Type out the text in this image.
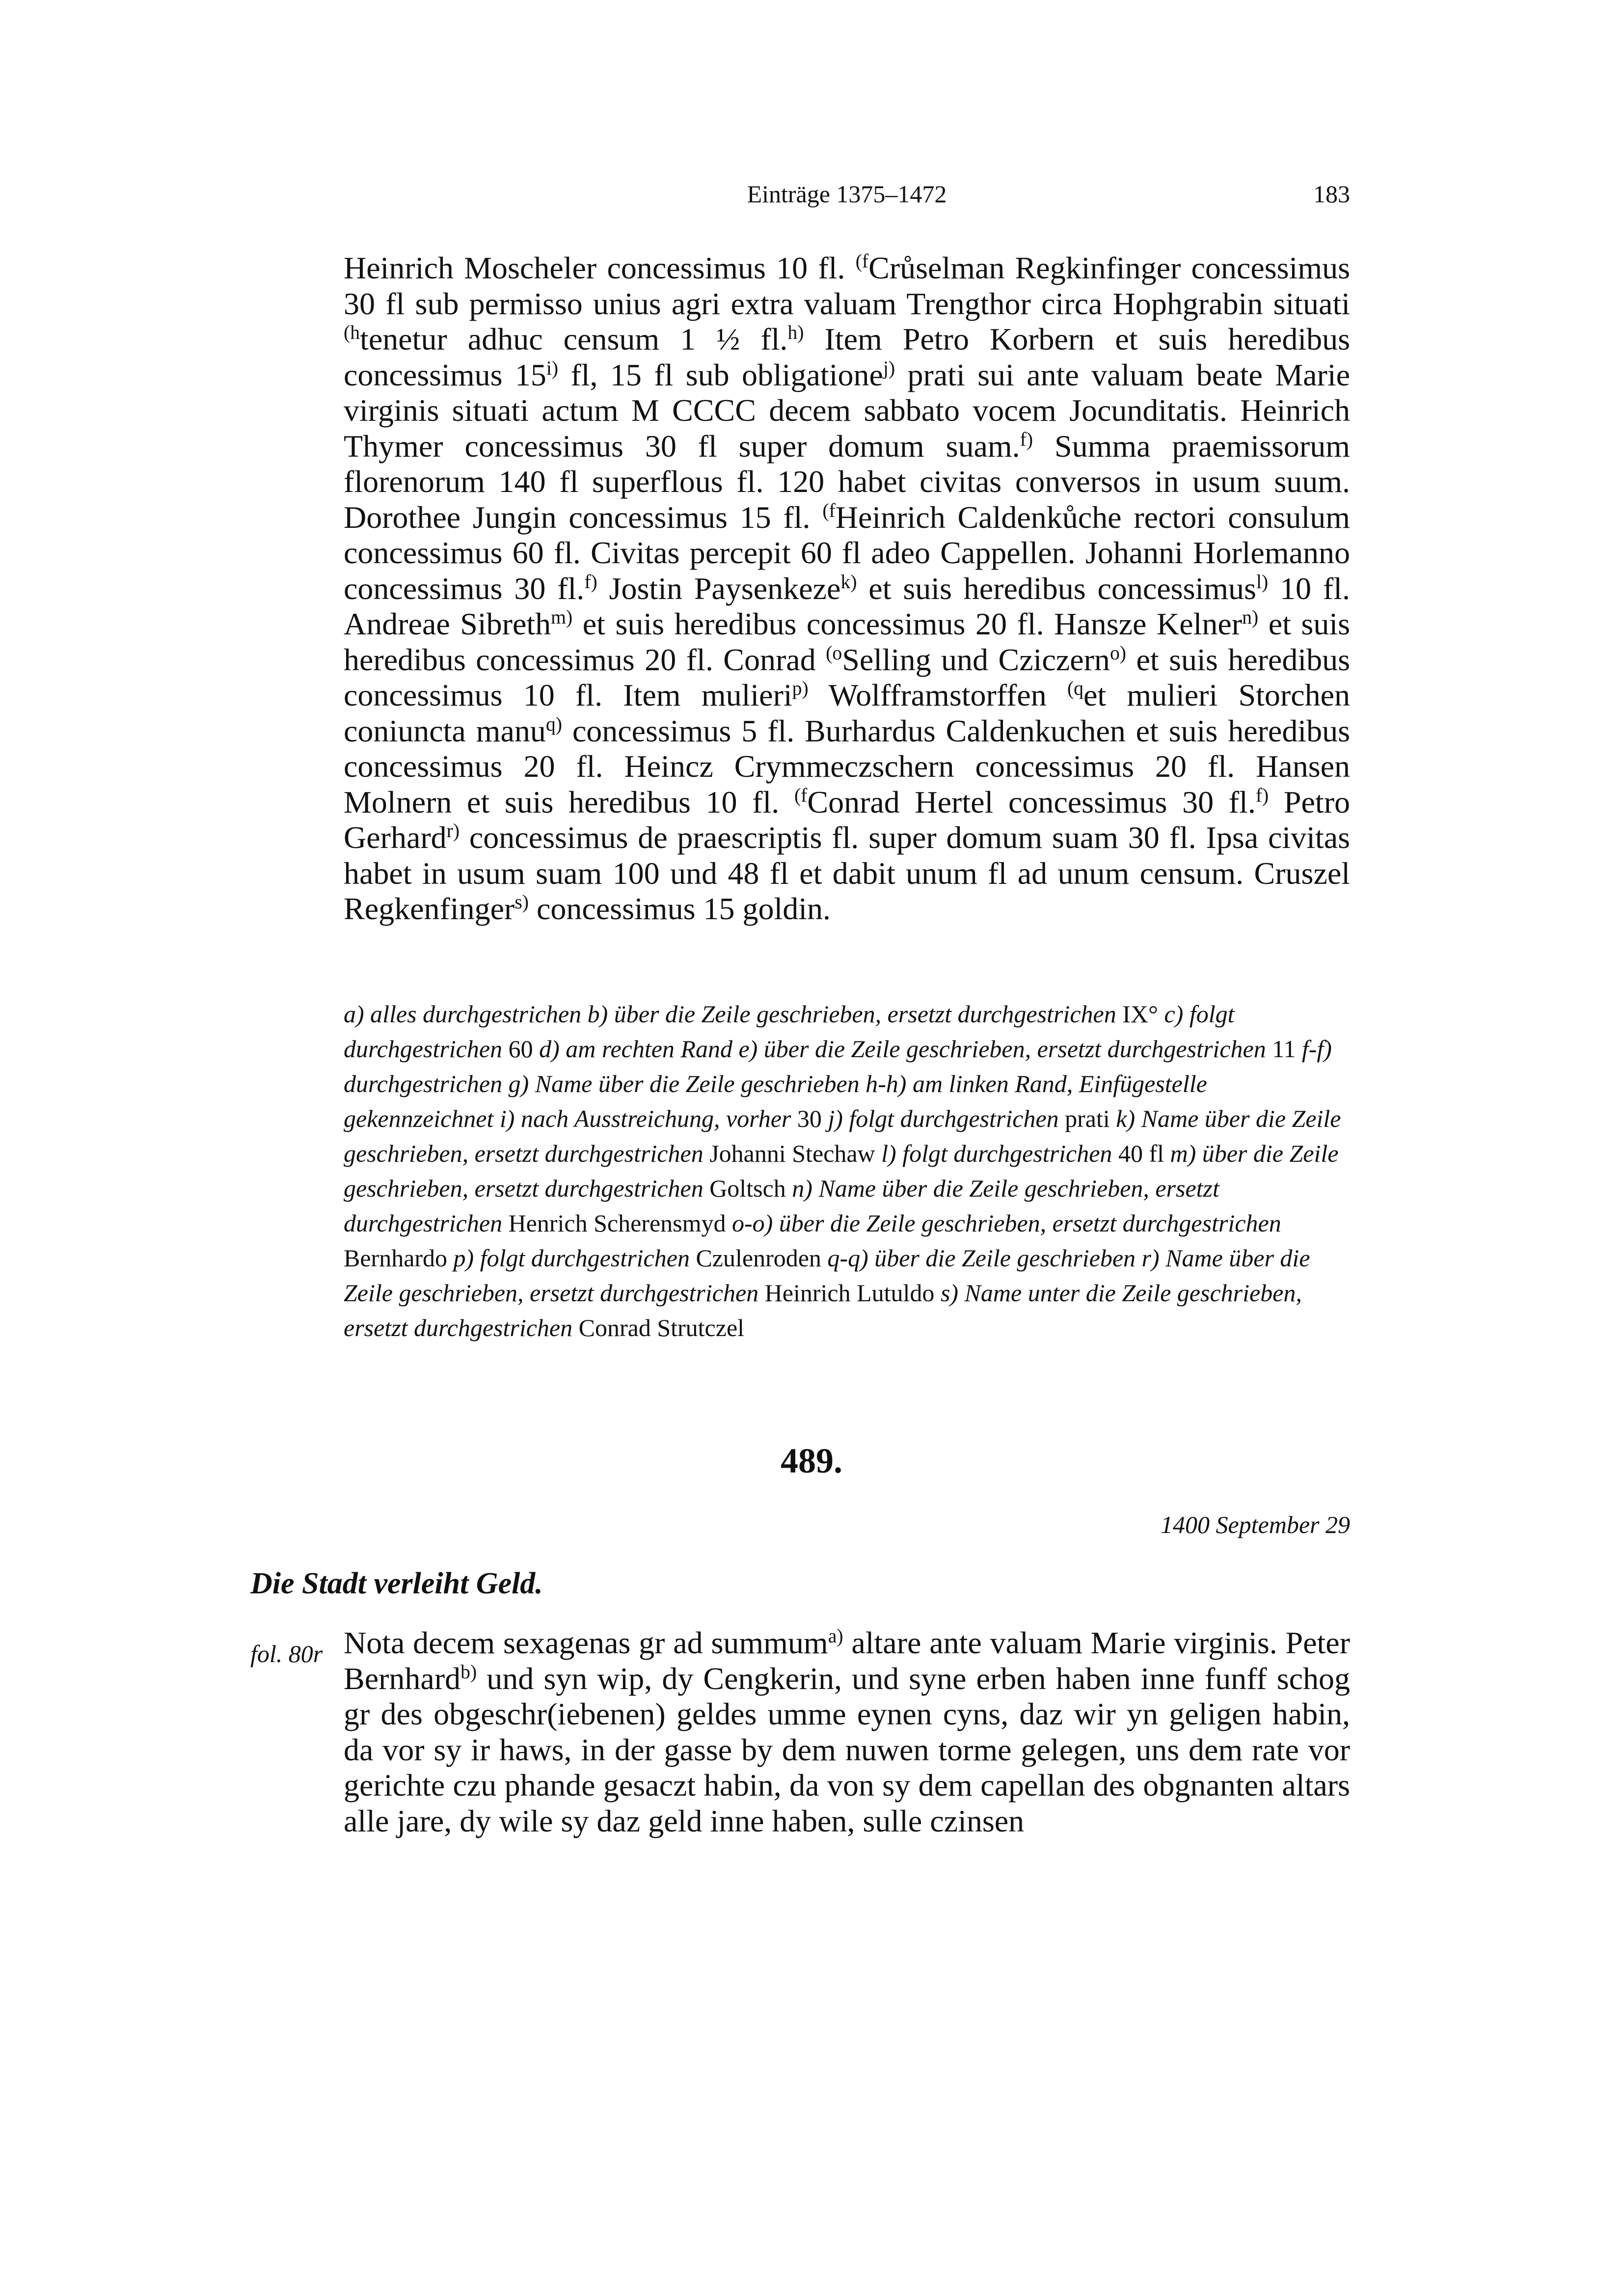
Einträge 1375–1472	183

Heinrich Moscheler concessimus 10 fl. $^{(f}$Crůselman Regkinfinger concessimus 30 fl sub permisso unius agri extra valuam Trengthor circa Hophgrabin situati $^{(h}$tenetur adhuc censum 1 ½ fl.$^{h)}$ Item Petro Korbern et suis heredibus concessimus 15$^{i)}$ fl, 15 fl sub obligatione$^{j)}$ prati sui ante valuam beate Marie virginis situati actum M CCCC decem sabbato vocem Jocunditatis. Heinrich Thymer concessimus 30 fl super domum suam.$^{f)}$ Summa praemissorum florenorum 140 fl superflous fl. 120 habet civitas conversos in usum suum. Dorothee Jungin concessimus 15 fl. $^{(f}$Heinrich Caldenkůche rectori consulum concessimus 60 fl. Civitas percepit 60 fl adeo Cappellen. Johanni Horlemanno concessimus 30 fl.$^{f)}$ Jostin Paysenkeze$^{k)}$ et suis heredibus concessimus$^{l)}$ 10 fl. Andreae Sibreth$^{m)}$ et suis heredibus concessimus 20 fl. Hansze Kelner$^{n)}$ et suis heredibus concessimus 20 fl. Conrad $^{(o}$Selling und Cziczern$^{o)}$ et suis heredibus concessimus 10 fl. Item mulieri$^{p)}$ Wolfframstorffen $^{(q}$et mulieri Storchen coniuncta manu$^{q)}$ concessimus 5 fl. Burhardus Caldenkuchen et suis heredibus concessimus 20 fl. Heincz Crymmeczschern concessimus 20 fl. Hansen Molnern et suis heredibus 10 fl. $^{(f}$Conrad Hertel concessimus 30 fl.$^{f)}$ Petro Gerhard$^{r)}$ concessimus de praescriptis fl. super domum suam 30 fl. Ipsa civitas habet in usum suam 100 und 48 fl et dabit unum fl ad unum censum. Cruszel Regkenfinger$^{s)}$ concessimus 15 goldin.

a) alles durchgestrichen b) über die Zeile geschrieben, ersetzt durchgestrichen IX° c) folgt durchgestrichen 60 d) am rechten Rand e) über die Zeile geschrieben, ersetzt durchgestrichen 11 f-f) durchgestrichen g) Name über die Zeile geschrieben h-h) am linken Rand, Einfügestelle gekennzeichnet i) nach Ausstreichung, vorher 30 j) folgt durchgestrichen prati k) Name über die Zeile geschrieben, ersetzt durchgestrichen Johanni Stechaw l) folgt durchgestrichen 40 fl m) über die Zeile geschrieben, ersetzt durchgestrichen Goltsch n) Name über die Zeile geschrieben, ersetzt durchgestrichen Henrich Scherensmyd o-o) über die Zeile geschrieben, ersetzt durchgestrichen Bernhardo p) folgt durchgestrichen Czulenroden q-q) über die Zeile geschrieben r) Name über die Zeile geschrieben, ersetzt durchgestrichen Heinrich Lutuldo s) Name unter die Zeile geschrieben, ersetzt durchgestrichen Conrad Strutczel

489.
1400 September 29
Die Stadt verleiht Geld.
fol. 80r Nota decem sexagenas gr ad summum$^{a)}$ altare ante valuam Marie virginis. Peter Bernhard$^{b)}$ und syn wip, dy Cengkerin, und syne erben haben inne funff schog gr des obgeschr(iebenen) geldes umme eynen cyns, daz wir yn geligen habin, da vor sy ir haws, in der gasse by dem nuwen torme gelegen, uns dem rate vor gerichte czu phande gesaczt habin, da von sy dem capellan des obgnanten altars alle jare, dy wile sy daz geld inne haben, sulle czinsen
